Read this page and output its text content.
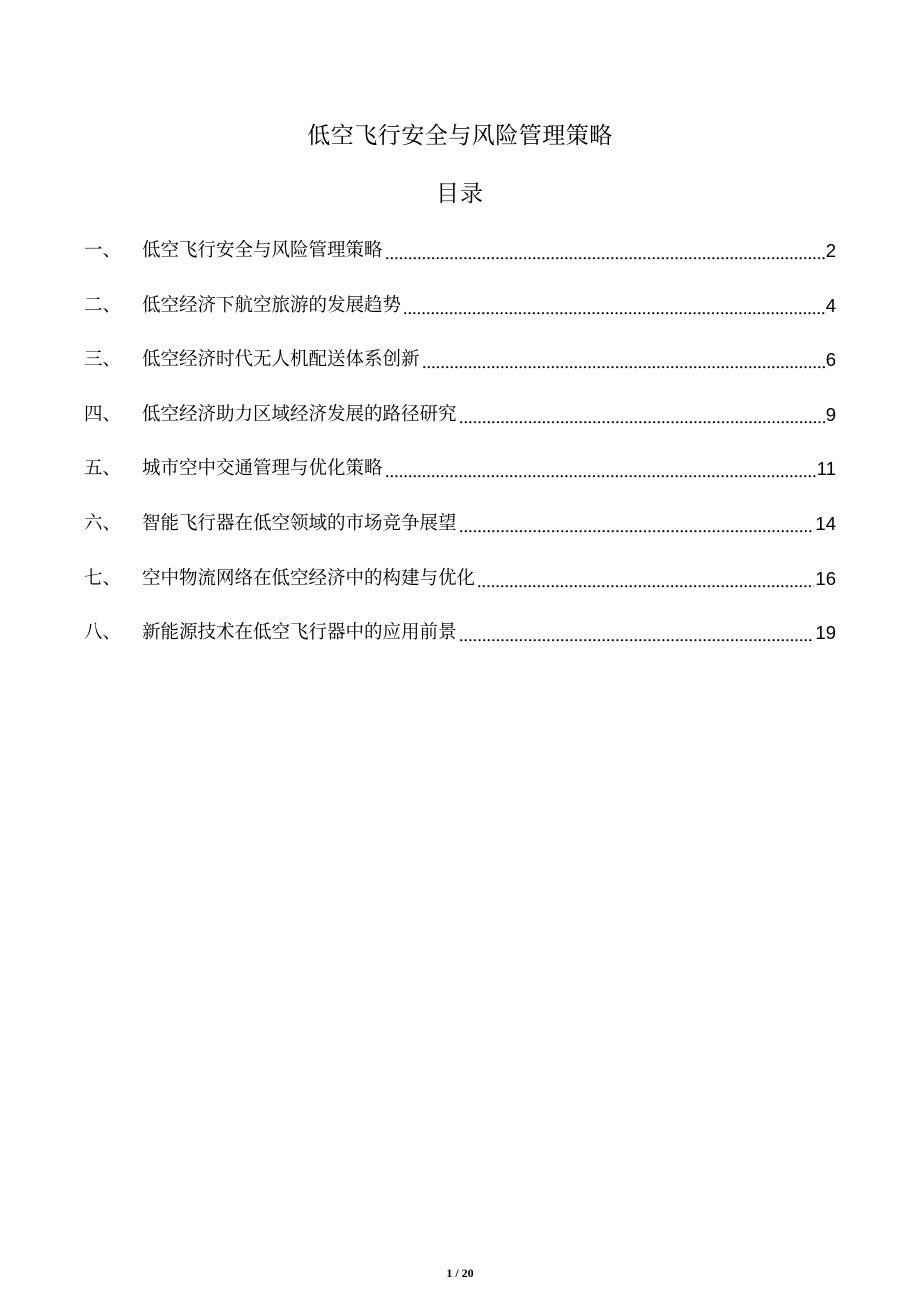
低空飞行安全与风险管理策略
目录
一、	低空飞行安全与风险管理策略	2
二、	低空经济下航空旅游的发展趋势	4
三、	低空经济时代无人机配送体系创新	6
四、	低空经济助力区域经济发展的路径研究	9
五、	城市空中交通管理与优化策略	11
六、	智能飞行器在低空领域的市场竞争展望	14
七、	空中物流网络在低空经济中的构建与优化	16
八、	新能源技术在低空飞行器中的应用前景	19
1 / 20
